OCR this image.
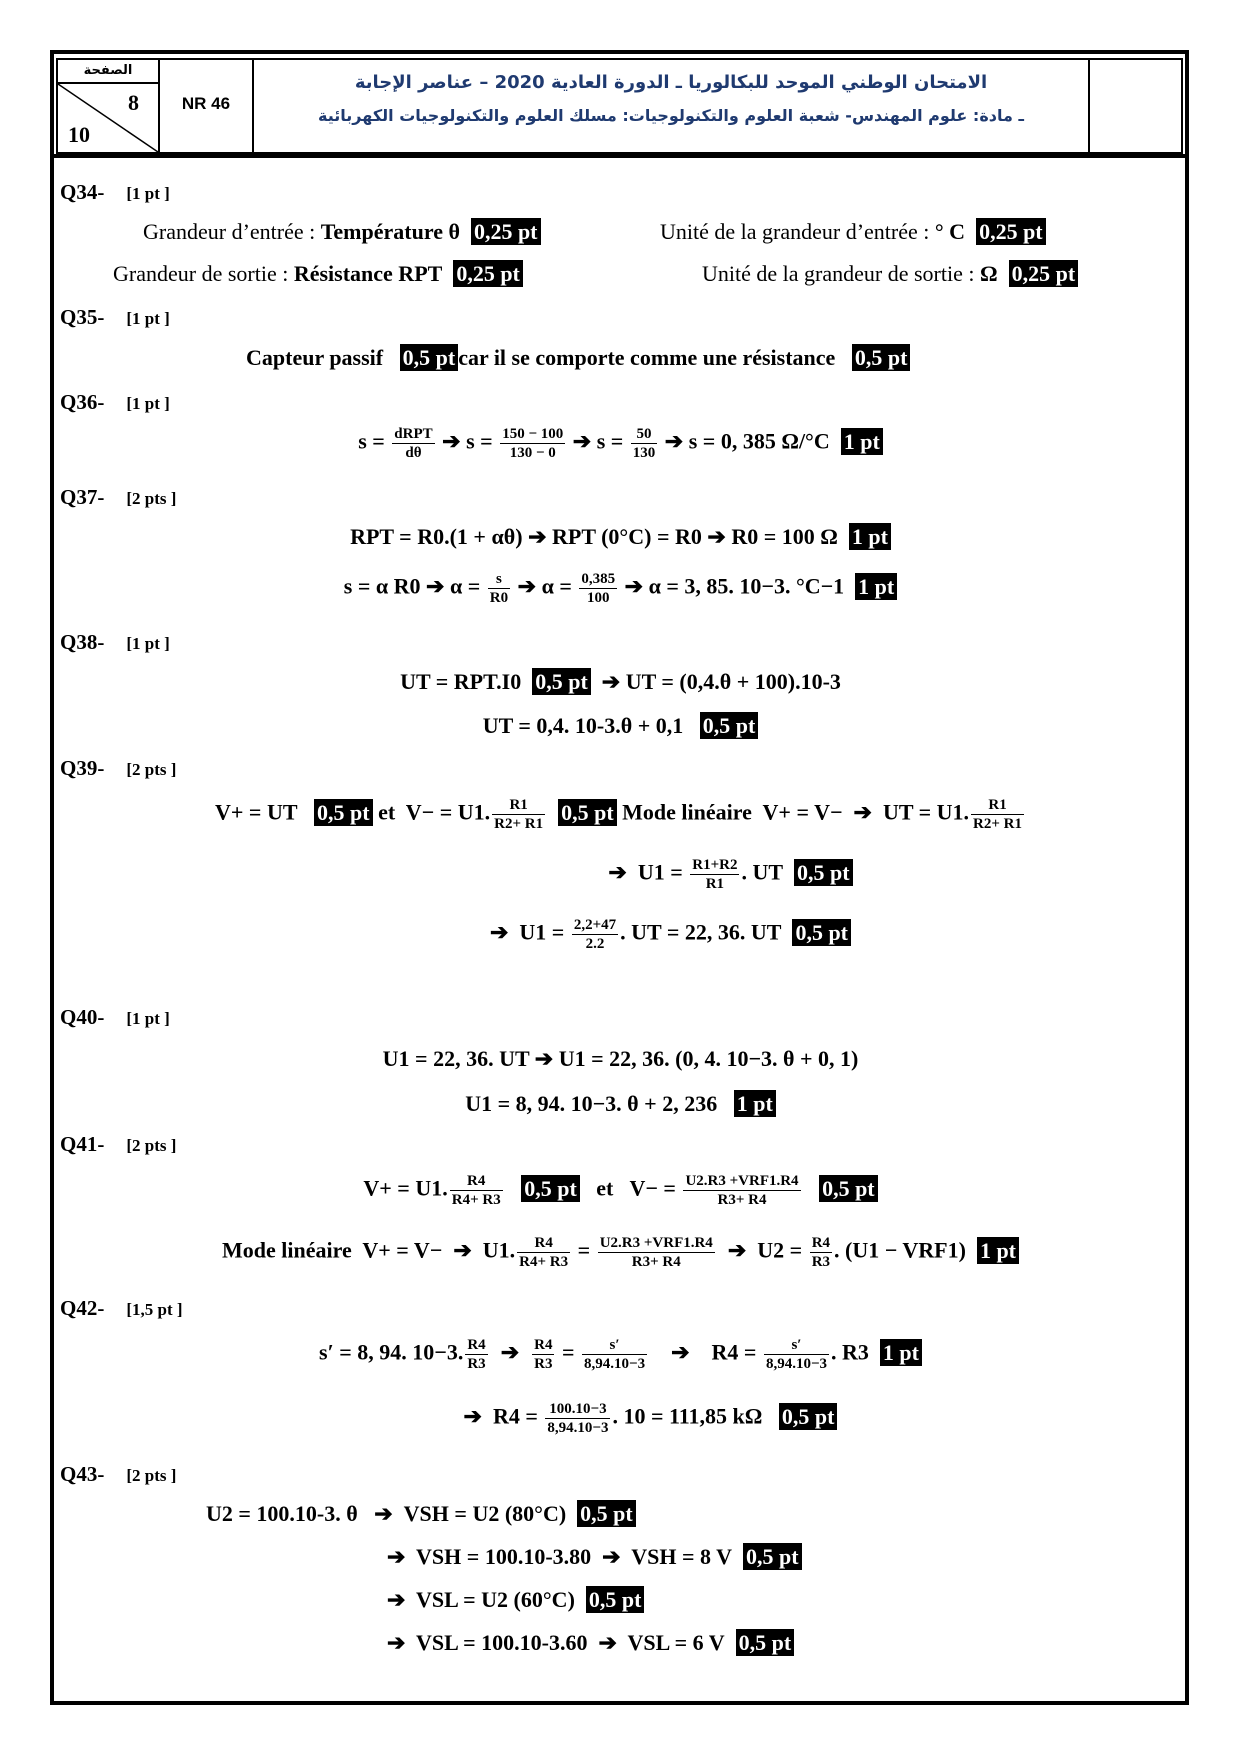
الصفحة
8
10
NR 46
الامتحان الوطني الموحد للبكالوريا ـ الدورة العادية 2020 – عناصر الإجابة
ـ مادة: علوم المهندس- شعبة العلوم والتكنولوجيات: مسلك العلوم والتكنولوجيات الكهربائية
Q34- [1 pt ]
Grandeur d’entrée : Température θ 0,25 pt	Unité de la grandeur d’entrée : ° C 0,25 pt
Grandeur de sortie : Résistance RPT 0,25 pt	Unité de la grandeur de sortie : Ω 0,25 pt
Q35- [1 pt ]
Capteur passif 0,5 pt car il se comporte comme une résistance 0,5 pt
Q36- [1 pt ]
$s = \frac{\text{dRPT}}{d\theta}$ ➔ $s = \frac{150 - 100}{130 - 0}$ ➔ $s = \frac{50}{130}$ ➔ s = 0, 385 Ω/°C 1 pt
Q37- [2 pts ]
RPT = R0.(1 + αθ) ➔ RPT (0°C) = R0 ➔ R0 = 100 Ω 1 pt
s = α R0 ➔ $\alpha = \frac{s}{R0}$ ➔ $\alpha = \frac{0,385}{100}$ ➔ α = 3, 85. 10−3. °C−1 1 pt
Q38- [1 pt ]
UT = RPT.I0 0,5 pt ➔ UT = (0,4.θ + 100).10-3
UT = 0,4. 10-3.θ + 0,1 0,5 pt
Q39- [2 pts ]
V+ = UT 0,5 pt et V− = U1. $\frac{R1}{R2+ R1} 0,5$ pt Mode linéaire V+ = V− ➔ UT = U1. $\frac{R1}{R2+ R1}$
➔ $U1 = \frac{R1+R2}{R1}$ . UT 0,5 pt
➔ $U1 = \frac{2,2+47}{2.2}$ . UT = 22, 36. UT 0,5 pt
Q40- [1 pt ]
U1 = 22, 36. UT ➔ U1 = 22, 36. (0, 4. 10−3. θ + 0, 1)
U1 = 8, 94. 10−3. θ + 2, 236 1 pt
Q41- [2 pts ]
V+ = U1. $\frac{R4}{R4+ R3} 0,5$ pt et $V- = \frac{\text{U2.R3 +VRF1.R4}}{R3+ R4} 0,5$ pt
Mode linéaire V+ = V− ➔ U1. $\frac{R4}{R4+ R3} = \frac{\text{U2.R3 +VRF1.R4}}{R3+ R4}$ ➔ $U2 = \frac{R4}{R3}$ . (U1 − VRF1) 1 pt
Q42- [1,5 pt ]
s′ = 8, 94. 10−3. $\frac{R4}{R3}$ ➔ $\frac{R4}{R3} = \frac{s'}{8,94.10-3}$ ➔ $R4 = \frac{s'}{8,94.10-3}$ . R3 1 pt
➔ $R4 = \frac{100.10-3}{8,94.10-3}$ . 10 = 111,85 kΩ 0,5 pt
Q43- [2 pts ]
U2 = 100.10-3. θ ➔ VSH = U2 (80°C) 0,5 pt
➔ VSH = 100.10-3.80 ➔ VSH = 8 V 0,5 pt
➔ VSL = U2 (60°C) 0,5 pt
➔ VSL = 100.10-3.60 ➔ VSL = 6 V 0,5 pt
